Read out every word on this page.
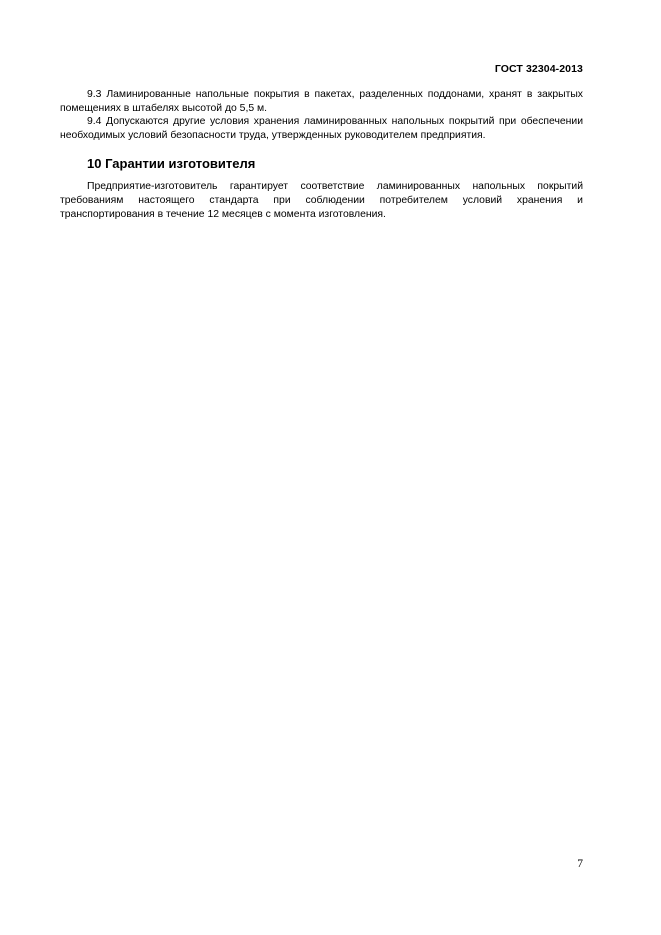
ГОСТ 32304-2013

9.3 Ламинированные напольные покрытия в пакетах, разделенных поддонами, хранят в закрытых помещениях в штабелях высотой до 5,5 м.

9.4 Допускаются другие условия хранения ламинированных напольных покрытий при обеспечении необходимых условий безопасности труда, утвержденных руководителем предприятия.

10 Гарантии изготовителя

Предприятие-изготовитель гарантирует соответствие ламинированных напольных покрытий требованиям настоящего стандарта при соблюдении потребителем условий хранения и транспортирования в течение 12 месяцев с момента изготовления.

7
